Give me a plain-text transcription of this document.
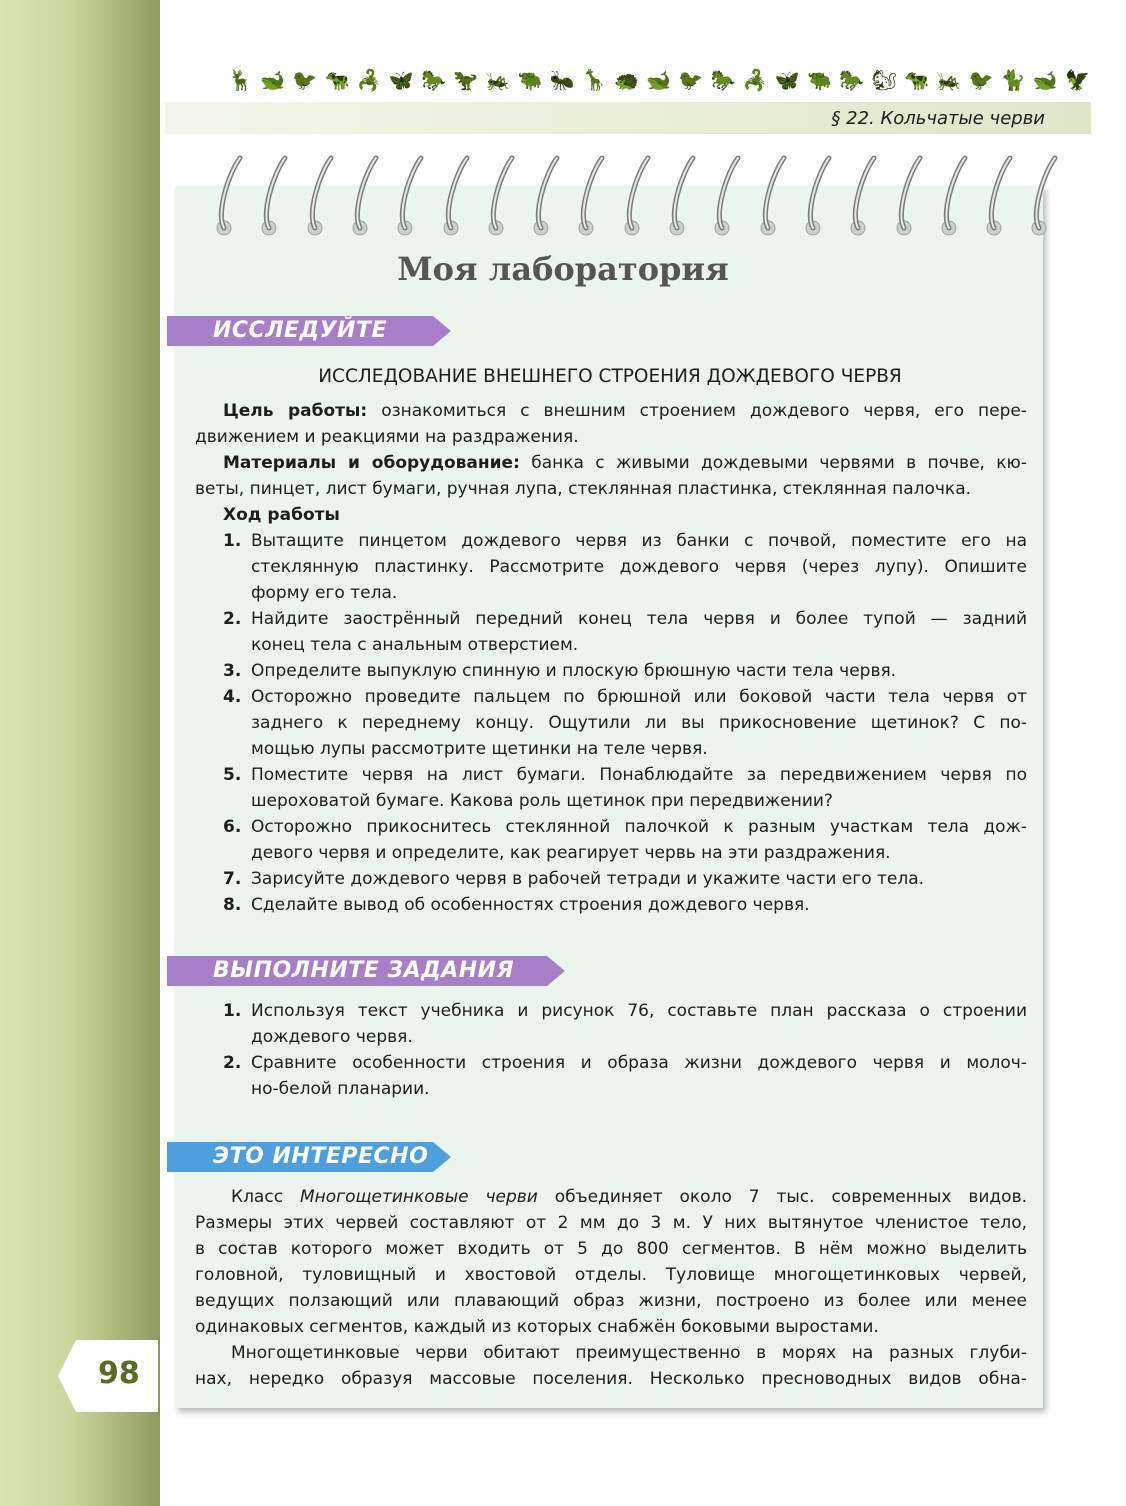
🦌 🐋 🐦 🐄 🦂 🦋 🐎 🦖 🦗 🐃 🐜 🦒 🦔 🐋 🐦 🐎 🦂 🦋 🐃 🐎 🐿 🐄 🦗 🐦 🐈 🐋 🦅
§ 22. Кольчатые черви
Моя лаборатория
ИССЛЕДУЙТЕ
ИССЛЕДОВАНИЕ ВНЕШНЕГО СТРОЕНИЯ ДОЖДЕВОГО ЧЕРВЯ
Цель работы: ознакомиться с внешним строением дождевого червя, его пере-
движением и реакциями на раздражения.
Материалы и оборудование: банка с живыми дождевыми червями в почве, кю-
веты, пинцет, лист бумаги, ручная лупа, стеклянная пластинка, стеклянная палочка.
Ход работы
1. Вытащите пинцетом дождевого червя из банки с почвой, поместите его на
стеклянную пластинку. Рассмотрите дождевого червя (через лупу). Опишите
форму его тела.
2. Найдите заострённый передний конец тела червя и более тупой — задний
конец тела с анальным отверстием.
3. Определите выпуклую спинную и плоскую брюшную части тела червя.
4. Осторожно проведите пальцем по брюшной или боковой части тела червя от
заднего к переднему концу. Ощутили ли вы прикосновение щетинок? С по-
мощью лупы рассмотрите щетинки на теле червя.
5. Поместите червя на лист бумаги. Понаблюдайте за передвижением червя по
шероховатой бумаге. Какова роль щетинок при передвижении?
6. Осторожно прикоснитесь стеклянной палочкой к разным участкам тела дож-
девого червя и определите, как реагирует червь на эти раздражения.
7. Зарисуйте дождевого червя в рабочей тетради и укажите части его тела.
8. Сделайте вывод об особенностях строения дождевого червя.
ВЫПОЛНИТЕ ЗАДАНИЯ
1. Используя текст учебника и рисунок 76, составьте план рассказа о строении
дождевого червя.
2. Сравните особенности строения и образа жизни дождевого червя и молоч-
но-белой планарии.
ЭТО ИНТЕРЕСНО
Класс Многощетинковые черви объединяет около 7 тыс. современных видов.
Размеры этих червей составляют от 2 мм до 3 м. У них вытянутое членистое тело,
в состав которого может входить от 5 до 800 сегментов. В нём можно выделить
головной, туловищный и хвостовой отделы. Туловище многощетинковых червей,
ведущих ползающий или плавающий образ жизни, построено из более или менее
одинаковых сегментов, каждый из которых снабжён боковыми выростами.
Многощетинковые черви обитают преимущественно в морях на разных глуби-
нах, нередко образуя массовые поселения. Несколько пресноводных видов обна-
98
